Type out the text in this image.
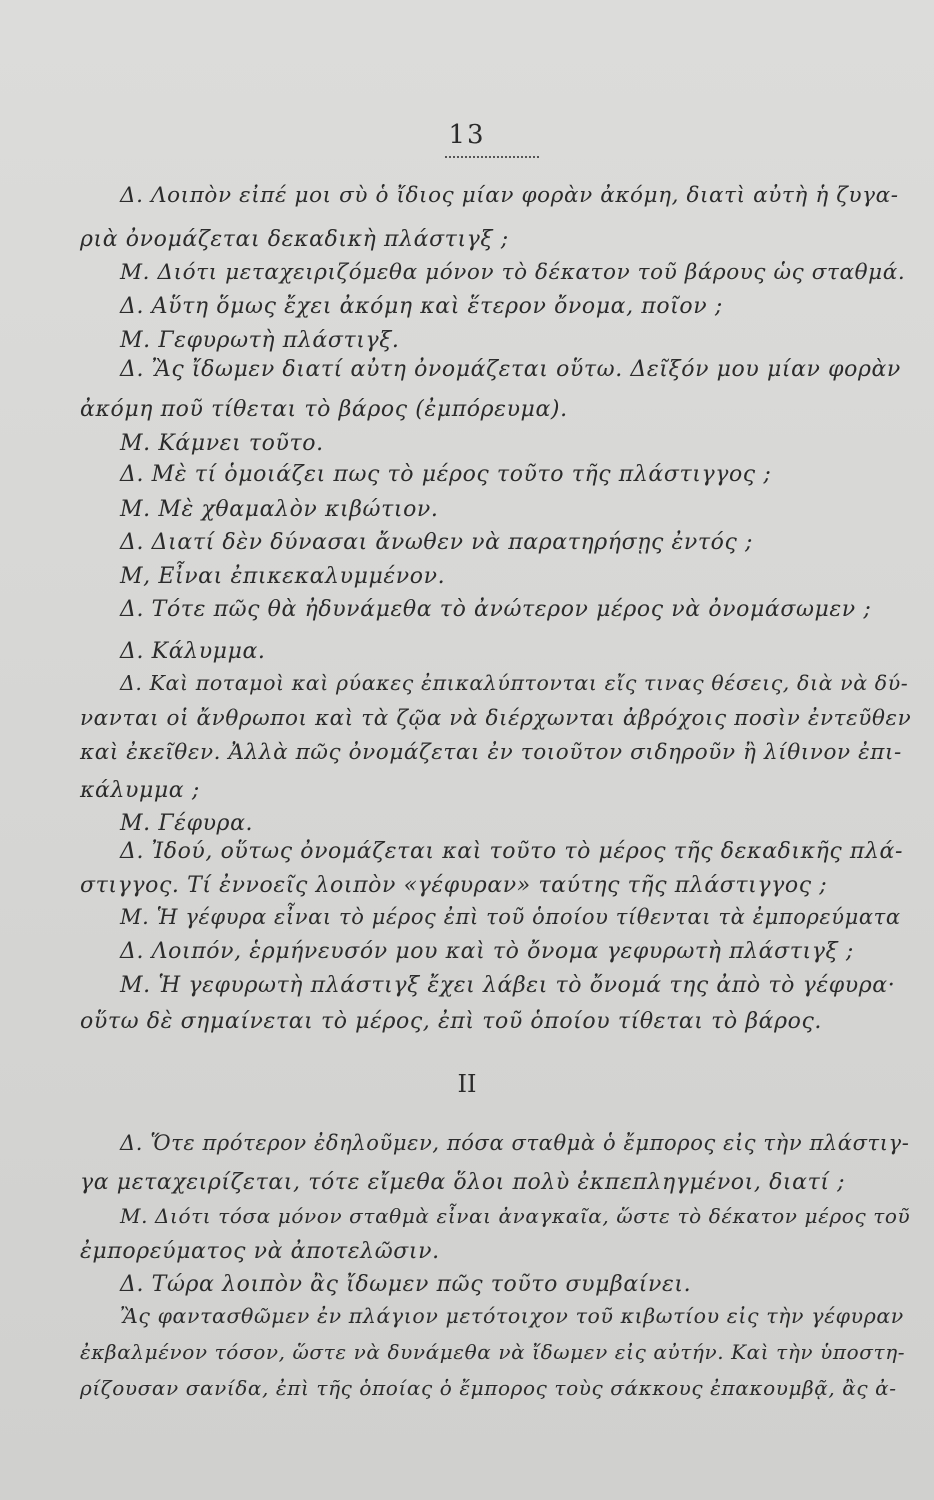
13
Δ. Λοιπὸν εἰπέ μοι σὺ ὁ ἴδιος μίαν φορὰν ἀκόμη, διατὶ αὐτὴ ἡ ζυγα-
ριὰ ὀνομάζεται δεκαδικὴ πλάστιγξ ;
Μ. Διότι μεταχειριζόμεθα μόνον τὸ δέκατον τοῦ βάρους ὡς σταθμά.
Δ. Αὕτη ὅμως ἔχει ἀκόμη καὶ ἕτερον ὄνομα, ποῖον ;
Μ. Γεφυρωτὴ πλάστιγξ.
Δ. Ἂς ἴδωμεν διατί αὐτη ὀνομάζεται οὕτω. Δεῖξόν μου μίαν φορὰν
ἀκόμη ποῦ τίθεται τὸ βάρος (ἐμπόρευμα).
Μ. Κάμνει τοῦτο.
Δ. Μὲ τί ὁμοιάζει πως τὸ μέρος τοῦτο τῆς πλάστιγγος ;
Μ. Μὲ χθαμαλὸν κιβώτιον.
Δ. Διατί δὲν δύνασαι ἄνωθεν νὰ παρατηρήσῃς ἐντός ;
Μ, Εἶναι ἐπικεκαλυμμένον.
Δ. Τότε πῶς θὰ ἠδυνάμεθα τὸ ἀνώτερον μέρος νὰ ὀνομάσωμεν ;
Δ. Κάλυμμα.
Δ. Καὶ ποταμοὶ καὶ ρύακες ἐπικαλύπτονται εἴς τινας θέσεις, διὰ νὰ δύ-
νανται οἱ ἄνθρωποι καὶ τὰ ζῷα νὰ διέρχωνται ἀβρόχοις ποσὶν ἐντεῦθεν
καὶ ἐκεῖθεν. Ἀλλὰ πῶς ὀνομάζεται ἐν τοιοῦτον σιδηροῦν ἢ λίθινον ἐπι-
κάλυμμα ;
Μ. Γέφυρα.
Δ. Ἰδού, οὕτως ὀνομάζεται καὶ τοῦτο τὸ μέρος τῆς δεκαδικῆς πλά-
στιγγος. Τί ἐννοεῖς λοιπὸν «γέφυραν» ταύτης τῆς πλάστιγγος ;
Μ. Ἡ γέφυρα εἶναι τὸ μέρος ἐπὶ τοῦ ὁποίου τίθενται τὰ ἐμπορεύματα
Δ. Λοιπόν, ἑρμήνευσόν μου καὶ τὸ ὄνομα γεφυρωτὴ πλάστιγξ ;
Μ. Ἡ γεφυρωτὴ πλάστιγξ ἔχει λάβει τὸ ὄνομά της ἀπὸ τὸ γέφυρα·
οὕτω δὲ σημαίνεται τὸ μέρος, ἐπὶ τοῦ ὁποίου τίθεται τὸ βάρος.
II
Δ. Ὅτε πρότερον ἐδηλοῦμεν, πόσα σταθμὰ ὁ ἔμπορος εἰς τὴν πλάστιγ-
γα μεταχειρίζεται, τότε εἴμεθα ὅλοι πολὺ ἐκπεπληγμένοι, διατί ;
Μ. Διότι τόσα μόνον σταθμὰ εἶναι ἀναγκαῖα, ὥστε τὸ δέκατον μέρος τοῦ
ἐμπορεύματος νὰ ἀποτελῶσιν.
Δ. Τώρα λοιπὸν ἂς ἴδωμεν πῶς τοῦτο συμβαίνει.
Ἂς φαντασθῶμεν ἐν πλάγιον μετότοιχον τοῦ κιβωτίου εἰς τὴν γέφυραν
ἐκβαλμένον τόσον, ὥστε νὰ δυνάμεθα νὰ ἴδωμεν εἰς αὐτήν. Καὶ τὴν ὑποστη-
ρίζουσαν σανίδα, ἐπὶ τῆς ὁποίας ὁ ἔμπορος τοὺς σάκκους ἐπακουμβᾷ, ἂς ἀ-
